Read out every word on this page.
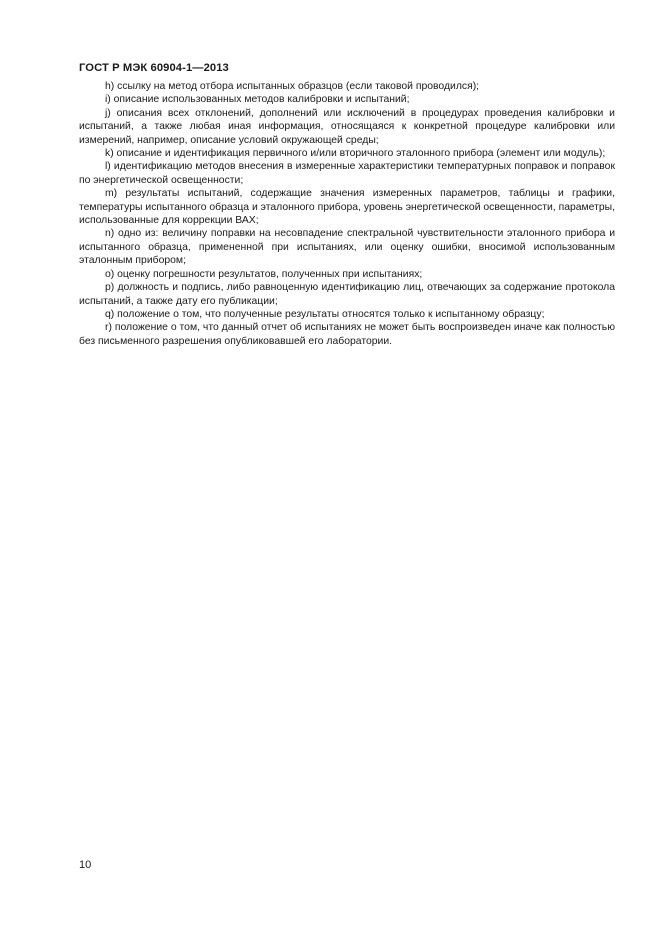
ГОСТ Р МЭК 60904-1—2013

h) ссылку на метод отбора испытанных образцов (если таковой проводился);

i) описание использованных методов калибровки и испытаний;

j) описания всех отклонений, дополнений или исключений в процедурах проведения калибровки и испытаний, а также любая иная информация, относящаяся к конкретной процедуре калибровки или измерений, например, описание условий окружающей среды;

k) описание и идентификация первичного и/или вторичного эталонного прибора (элемент или модуль);

l) идентификацию методов внесения в измеренные характеристики температурных поправок и поправок по энергетической освещенности;

m) результаты испытаний, содержащие значения измеренных параметров, таблицы и графики, температуры испытанного образца и эталонного прибора, уровень энергетической освещенности, параметры, использованные для коррекции ВАХ;

n) одно из: величину поправки на несовпадение спектральной чувствительности эталонного прибора и испытанного образца, примененной при испытаниях, или оценку ошибки, вносимой использованным эталонным прибором;

o) оценку погрешности результатов, полученных при испытаниях;

p) должность и подпись, либо равноценную идентификацию лиц, отвечающих за содержание протокола испытаний, а также дату его публикации;

q) положение о том, что полученные результаты относятся только к испытанному образцу;

r) положение о том, что данный отчет об испытаниях не может быть воспроизведен иначе как полностью без письменного разрешения опубликовавшей его лаборатории.

10
